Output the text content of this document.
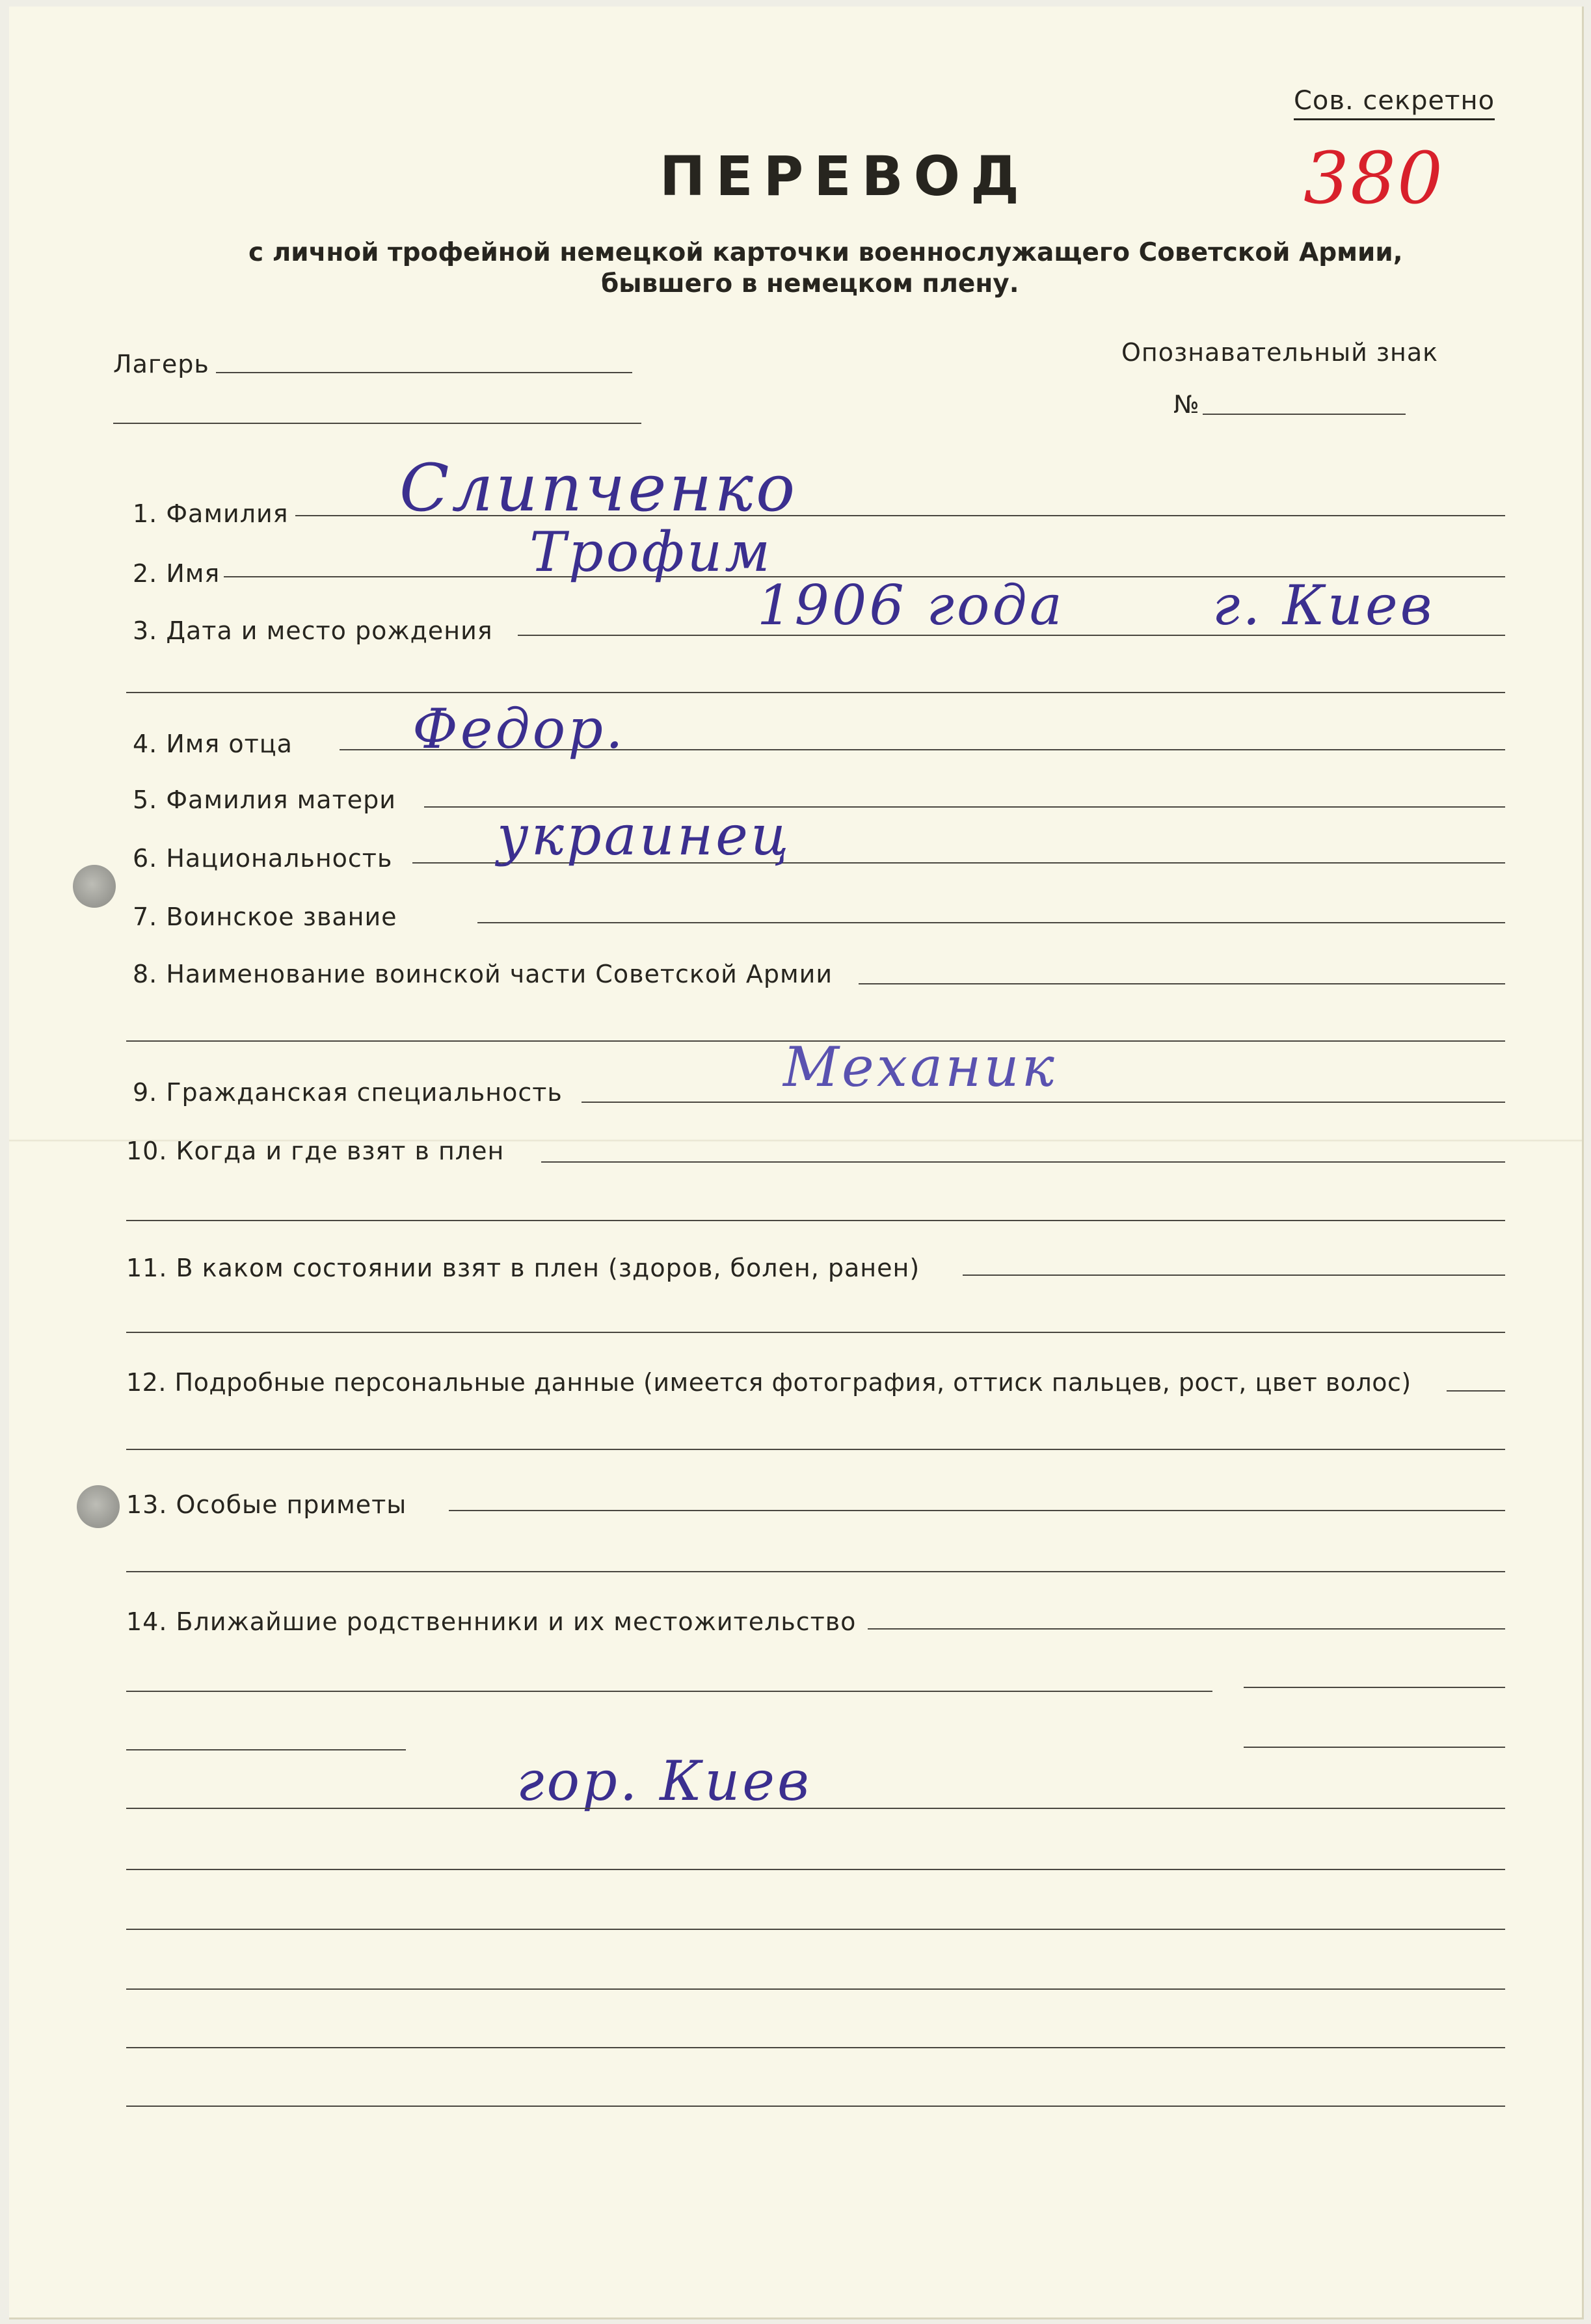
Сов. секретно
380
ПЕРЕВОД
с личной трофейной немецкой карточки военнослужащего Советской Армии,
бывшего в немецком плену.
Лагерь	Опознавательный знак
№
1. Фамилия Слипченко
2. Имя	Трофим
3. Дата и место рождения	1906 года	г. Киев
4. Имя отца Федор.
5. Фамилия матери
6. Национальность украинец
7. Воинское звание
8. Наименование воинской части Советской Армии
9. Гражданская специальность	Механик
10. Когда и где взят в плен
11. В каком состоянии взят в плен (здоров, болен, ранен)
12. Подробные персональные данные (имеется фотография, оттиск пальцев, рост, цвет волос)
13. Особые приметы
14. Ближайшие родственники и их местожительство
гор. Киев
